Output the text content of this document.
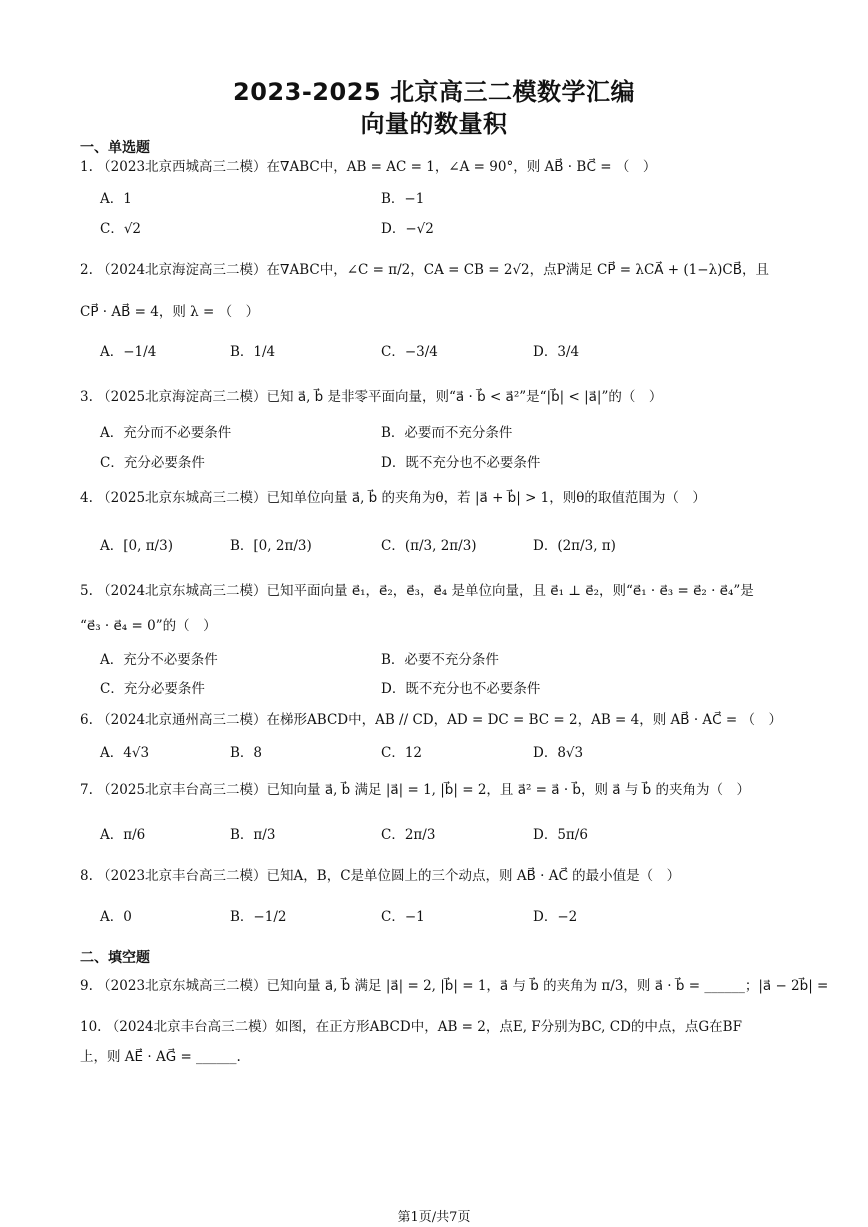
2023-2025 北京高三二模数学汇编
向量的数量积
一、单选题
1. （2023北京西城高三二模）在∇ABC中，AB = AC = 1，∠A = 90°，则 AB⃗ · BC⃗ = （　）
A．1	B．−1
C．√2	D．−√2
2. （2024北京海淀高三二模）在∇ABC中，∠C = π/2，CA = CB = 2√2，点P满足 CP⃗ = λCA⃗ + (1−λ)CB⃗，且
CP⃗ · AB⃗ = 4，则 λ = （　）
A．−1/4	B．1/4	C．−3/4	D．3/4
3. （2025北京海淀高三二模）已知 a⃗, b⃗ 是非零平面向量，则“a⃗ · b⃗ < a⃗²”是“|b⃗| < |a⃗|”的（　）
A．充分而不必要条件	B．必要而不充分条件
C．充分必要条件	D．既不充分也不必要条件
4. （2025北京东城高三二模）已知单位向量 a⃗, b⃗ 的夹角为θ，若 |a⃗ + b⃗| > 1，则θ的取值范围为（　）
A．[0, π/3)	B．[0, 2π/3)	C．(π/3, 2π/3)	D．(2π/3, π)
5. （2024北京东城高三二模）已知平面向量 e⃗₁，e⃗₂，e⃗₃，e⃗₄ 是单位向量，且 e⃗₁ ⊥ e⃗₂，则“e⃗₁ · e⃗₃ = e⃗₂ · e⃗₄”是
“e⃗₃ · e⃗₄ = 0”的（　）
A．充分不必要条件	B．必要不充分条件
C．充分必要条件	D．既不充分也不必要条件
6. （2024北京通州高三二模）在梯形ABCD中，AB // CD，AD = DC = BC = 2，AB = 4，则 AB⃗ · AC⃗ = （　）
A．4√3	B．8	C．12	D．8√3
7. （2025北京丰台高三二模）已知向量 a⃗, b⃗ 满足 |a⃗| = 1, |b⃗| = 2，且 a⃗² = a⃗ · b⃗，则 a⃗ 与 b⃗ 的夹角为（　）
A．π/6	B．π/3	C．2π/3	D．5π/6
8. （2023北京丰台高三二模）已知A，B，C是单位圆上的三个动点，则 AB⃗ · AC⃗ 的最小值是（　）
A．0	B．−1/2	C．−1	D．−2
二、填空题
9. （2023北京东城高三二模）已知向量 a⃗, b⃗ 满足 |a⃗| = 2, |b⃗| = 1，a⃗ 与 b⃗ 的夹角为 π/3，则 a⃗ · b⃗ = ______；|a⃗ − 2b⃗| =
10. （2024北京丰台高三二模）如图，在正方形ABCD中，AB = 2，点E, F分别为BC, CD的中点，点G在BF
上，则 AE⃗ · AG⃗ = ______.
第1页/共7页
